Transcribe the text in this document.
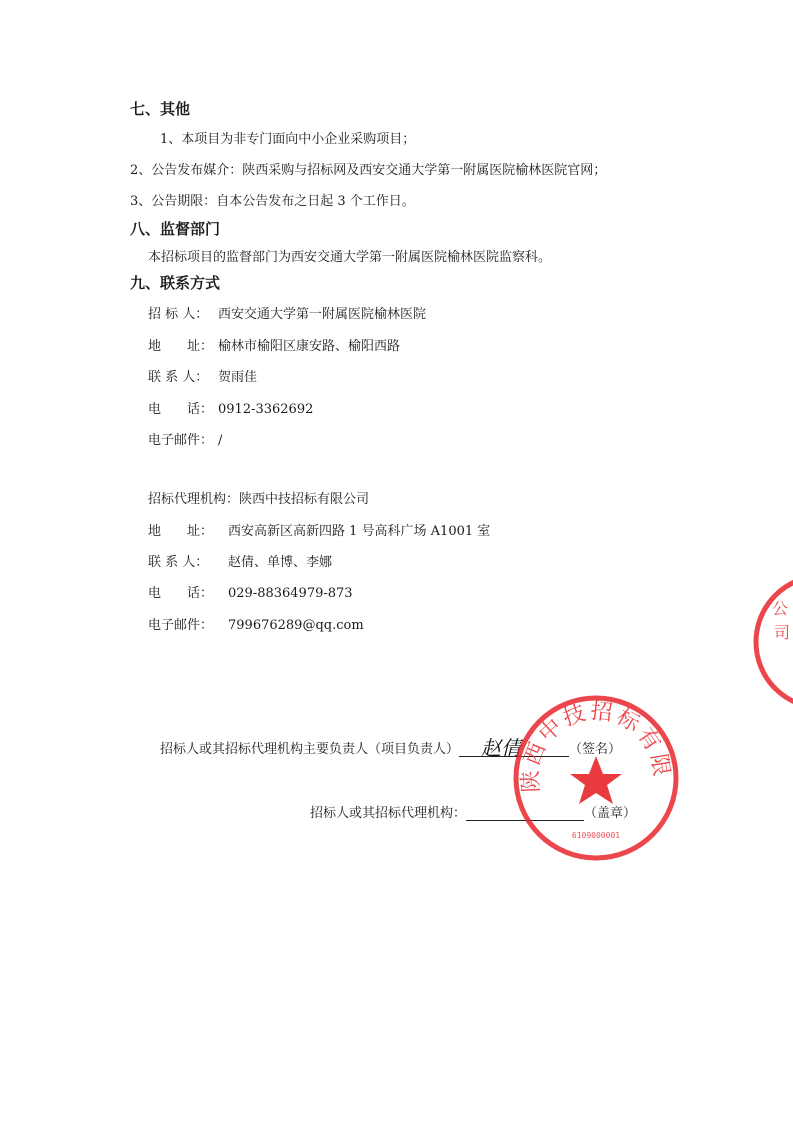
七、其他
1、本项目为非专门面向中小企业采购项目；
2、公告发布媒介：陕西采购与招标网及西安交通大学第一附属医院榆林医院官网；
3、公告期限：自本公告发布之日起 3 个工作日。
八、监督部门
本招标项目的监督部门为西安交通大学第一附属医院榆林医院监察科。
九、联系方式
招 标 人： 西安交通大学第一附属医院榆林医院
地　　址： 榆林市榆阳区康安路、榆阳西路
联 系 人： 贺雨佳
电　　话： 0912-3362692
电子邮件： /
招标代理机构：陕西中技招标有限公司
地　　址： 西安高新区高新四路 1 号高科广场 A1001 室
联 系 人： 赵倩、单博、李娜
电　　话： 029-88364979-873
电子邮件： 799676289@qq.com
招标人或其招标代理机构主要负责人（项目负责人） 赵倩	（签名）
招标人或其招标代理机构：	（盖章）
陕西中技招标有限公司
6109000001
公
司
